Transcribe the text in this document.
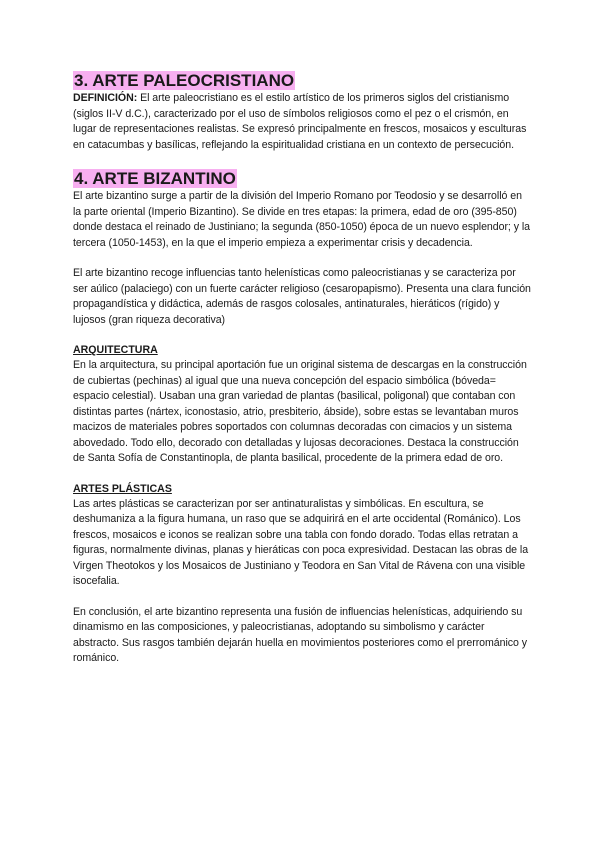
3. ARTE PALEOCRISTIANO

DEFINICIÓN: El arte paleocristiano es el estilo artístico de los primeros siglos del cristianismo (siglos II-V d.C.), caracterizado por el uso de símbolos religiosos como el pez o el crismón, en lugar de representaciones realistas. Se expresó principalmente en frescos, mosaicos y esculturas en catacumbas y basílicas, reflejando la espiritualidad cristiana en un contexto de persecución.

4. ARTE BIZANTINO

El arte bizantino surge a partir de la división del Imperio Romano por Teodosio y se desarrolló en la parte oriental (Imperio Bizantino). Se divide en tres etapas: la primera, edad de oro (395-850) donde destaca el reinado de Justiniano; la segunda (850-1050) época de un nuevo esplendor; y la tercera (1050-1453), en la que el imperio empieza a experimentar crisis y decadencia.

El arte bizantino recoge influencias tanto helenísticas como paleocristianas y se caracteriza por ser aúlico (palaciego) con un fuerte carácter religioso (cesaropapismo). Presenta una clara función propagandística y didáctica, además de rasgos colosales, antinaturales, hieráticos (rígido) y lujosos (gran riqueza decorativa)

ARQUITECTURA

En la arquitectura, su principal aportación fue un original sistema de descargas en la construcción de cubiertas (pechinas) al igual que una nueva concepción del espacio simbólica (bóveda= espacio celestial). Usaban una gran variedad de plantas (basilical, poligonal) que contaban con distintas partes (nártex, iconostasio, atrio, presbiterio, ábside), sobre estas se levantaban muros macizos de materiales pobres soportados con columnas decoradas con cimacios y un sistema abovedado. Todo ello, decorado con detalladas y lujosas decoraciones. Destaca la construcción de Santa Sofía de Constantinopla, de planta basilical, procedente de la primera edad de oro.

ARTES PLÁSTICAS

Las artes plásticas se caracterizan por ser antinaturalistas y simbólicas. En escultura, se deshumaniza a la figura humana, un raso que se adquirirá en el arte occidental (Románico). Los frescos, mosaicos e iconos se realizan sobre una tabla con fondo dorado. Todas ellas retratan a figuras, normalmente divinas, planas y hieráticas con poca expresividad. Destacan las obras de la Virgen Theotokos y los Mosaicos de Justiniano y Teodora en San Vital de Rávena con una visible isocefalia.

En conclusión, el arte bizantino representa una fusión de influencias helenísticas, adquiriendo su dinamismo en las composiciones, y paleocristianas, adoptando su simbolismo y carácter abstracto. Sus rasgos también dejarán huella en movimientos posteriores como el prerrománico y románico.
